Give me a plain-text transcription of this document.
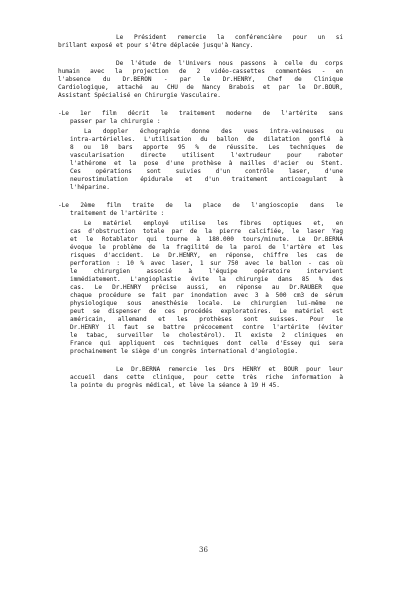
Le Président remercie la conférencière pour un si
brillant exposé et pour s'être déplacée jusqu'à Nancy.
De l'étude de l'Univers nous passons à celle du corps
humain avec la projection de 2 vidéo-cassettes commentées - en
l'absence du Dr.BERON - par le Dr.HENRY, Chef de Clinique
Cardiologique, attaché au CHU de Nancy Brabois et par le Dr.BOUR,
Assistant Spécialisé en Chirurgie Vasculaire.
-Le 1er film décrit le traitement moderne de l'artérite sans
passer par la chirurgie :
La doppler échographie donne des vues intra-veineuses ou
intra-artérielles. L'utilisation du ballon de dilatation gonflé à
8 ou 10 bars apporte 95 % de réussite. Les techniques de
vascularisation directe utilisent l'extrudeur pour raboter
l'athérome et la pose d'une prothèse à mailles d'acier ou Stent.
Ces opérations sont suivies d'un contrôle laser, d'une
neurostimulation épidurale et d'un traitement anticoagulant à
l'héparine.
-Le 2ème film traite de la place de l'angioscopie dans le
traitement de l'artérite :
Le matériel employé utilise les fibres optiques et, en
cas d'obstruction totale par de la pierre calcifiée, le laser Yag
et le Rotablator qui tourne à 180.000 tours/minute. Le Dr.BERNA
évoque le problème de la fragilité de la paroi de l'artère et les
risques d'accident. Le Dr.HENRY, en réponse, chiffre les cas de
perforation : 10 % avec laser, 1 sur 750 avec le ballon - cas où
le chirurgien associé à l'équipe opératoire intervient
immédiatement. L'angioplastie évite la chirurgie dans 85 % des
cas. Le Dr.HENRY précise aussi, en réponse au Dr.RAUBER que
chaque procédure se fait par inondation avec 3 à 500 cm3 de sérum
physiologique sous anesthésie locale. Le chirurgien lui-même ne
peut se dispenser de ces procédés exploratoires. Le matériel est
américain, allemand et les prothèses sont suisses. Pour le
Dr.HENRY il faut se battre précocement contre l'artérite (éviter
le tabac, surveiller le cholestérol). Il existe 2 cliniques en
France qui appliquent ces techniques dont celle d'Essey qui sera
prochainement le siège d'un congrès international d'angiologie.
Le Dr.BERNA remercie les Drs HENRY et BOUR pour leur
accueil dans cette clinique, pour cette très riche information à
la pointe du progrès médical, et lève la séance à 19 H 45.
36
